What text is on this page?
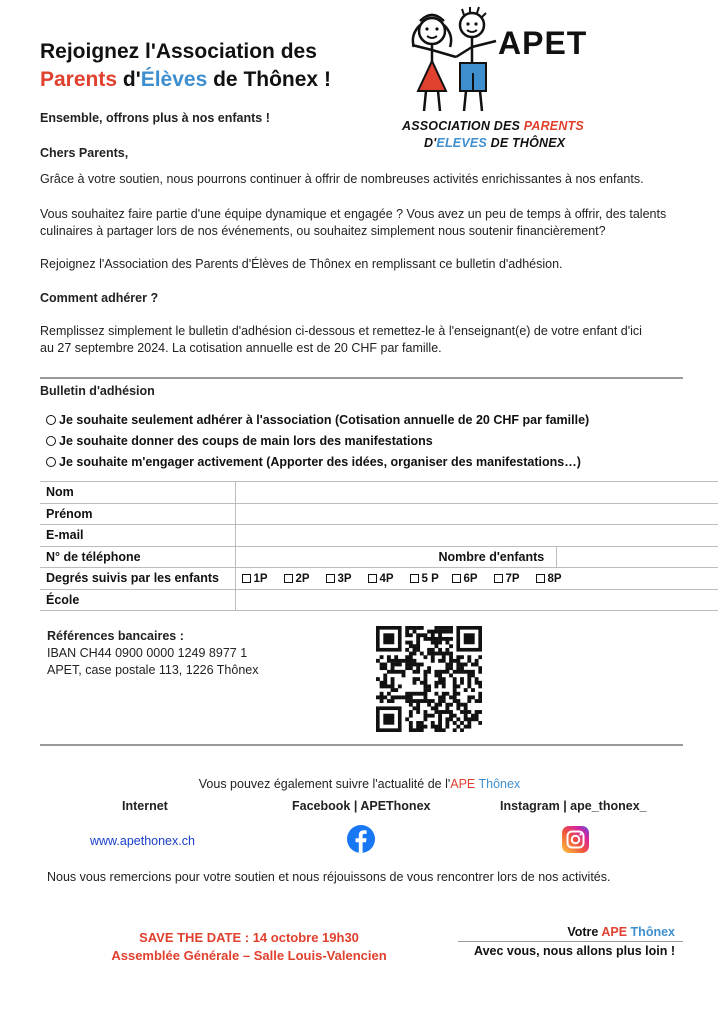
Rejoignez l'Association des
Parents d'Élèves de Thônex !
APET
ASSOCIATION DES PARENTS
D'ELEVES DE THÔNEX
Ensemble, offrons plus à nos enfants !
Chers Parents,
Grâce à votre soutien, nous pourrons continuer à offrir de nombreuses activités enrichissantes à nos enfants.
Vous souhaitez faire partie d'une équipe dynamique et engagée ? Vous avez un peu de temps à offrir, des talents
culinaires à partager lors de nos événements, ou souhaitez simplement nous soutenir financièrement?
Rejoignez l'Association des Parents d'Élèves de Thônex en remplissant ce bulletin d'adhésion.
Comment adhérer ?
Remplissez simplement le bulletin d'adhésion ci-dessous et remettez-le à l'enseignant(e) de votre enfant d'ici
au 27 septembre 2024. La cotisation annuelle est de 20 CHF par famille.
Bulletin d'adhésion
Je souhaite seulement adhérer à l'association (Cotisation annuelle de 20 CHF par famille)
Je souhaite donner des coups de main lors des manifestations
Je souhaite m'engager activement (Apporter des idées, organiser des manifestations…)
Nom	
Prénom	
E-mail	
N° de téléphone	Nombre d'enfants

Degrés suivis par les enfants	1P 2P 3P 4P 5 P 6P 7P 8P
École	
Références bancaires :
IBAN CH44 0900 0000 1249 8977 1
APET, case postale 113, 1226 Thônex
Vous pouvez également suivre l'actualité de l'APE Thônex
Internet	Facebook | APEThonex	Instagram | ape_thonex_
www.apethonex.ch
Nous vous remercions pour votre soutien et nous réjouissons de vous rencontrer lors de nos activités.
SAVE THE DATE : 14 octobre 19h30
Assemblée Générale – Salle Louis-Valencien
Votre APE Thônex
Avec vous, nous allons plus loin !
